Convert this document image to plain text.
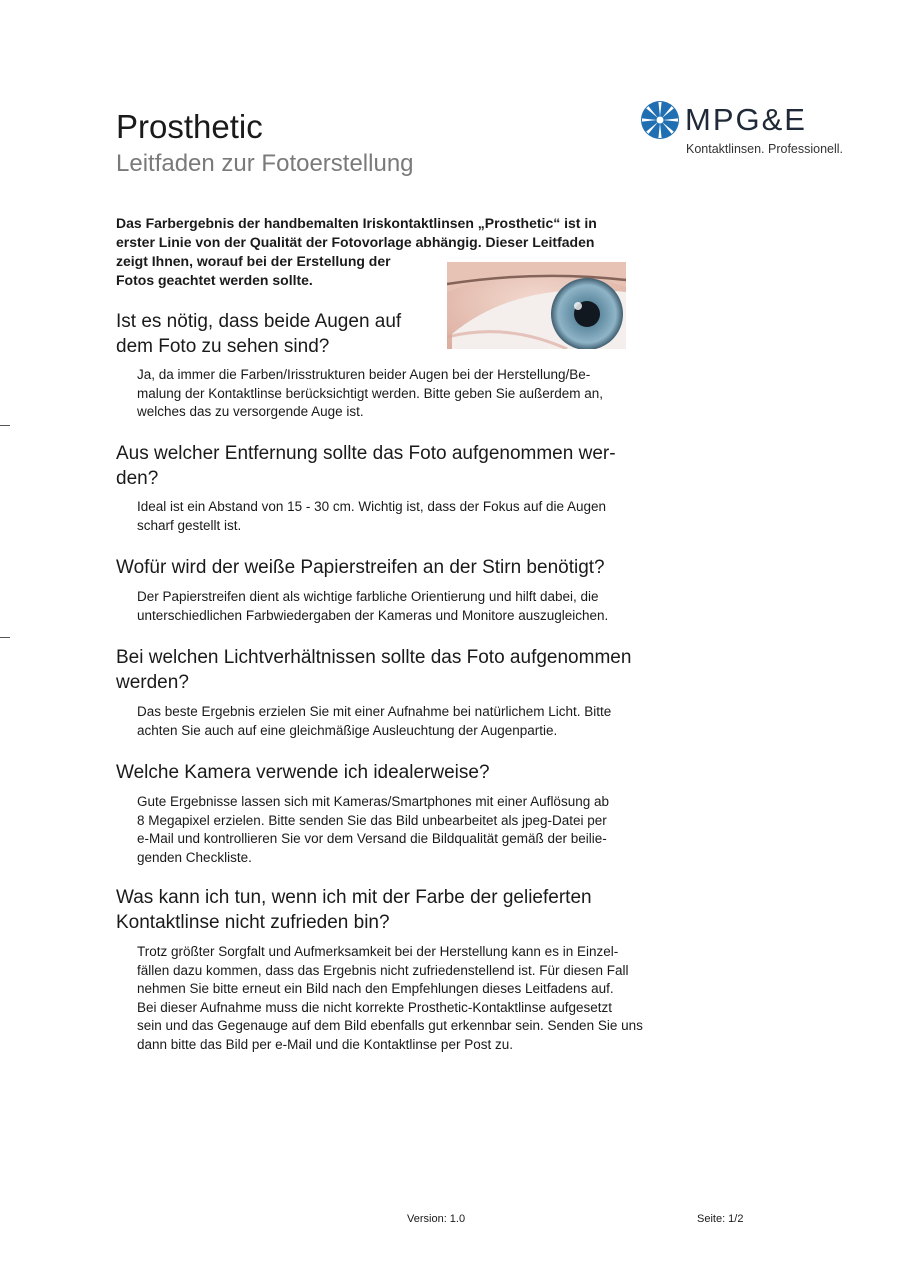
Prosthetic
Leitfaden zur Fotoerstellung
MPG&E
Kontaktlinsen. Professionell.
Das Farbergebnis der handbemalten Iriskontaktlinsen „Prosthetic“ ist in
erster Linie von der Qualität der Fotovorlage abhängig. Dieser Leitfaden
zeigt Ihnen, worauf bei der Erstellung der
Fotos geachtet werden sollte.
Ist es nötig, dass beide Augen auf
dem Foto zu sehen sind?
Ja, da immer die Farben/Irisstrukturen beider Augen bei der Herstellung/Be-
malung der Kontaktlinse berücksichtigt werden. Bitte geben Sie außerdem an,
welches das zu versorgende Auge ist.
Aus welcher Entfernung sollte das Foto aufgenommen wer-
den?
Ideal ist ein Abstand von 15 - 30 cm. Wichtig ist, dass der Fokus auf die Augen
scharf gestellt ist.
Wofür wird der weiße Papierstreifen an der Stirn benötigt?
Der Papierstreifen dient als wichtige farbliche Orientierung und hilft dabei, die
unterschiedlichen Farbwiedergaben der Kameras und Monitore auszugleichen.
Bei welchen Lichtverhältnissen sollte das Foto aufgenommen
werden?
Das beste Ergebnis erzielen Sie mit einer Aufnahme bei natürlichem Licht. Bitte
achten Sie auch auf eine gleichmäßige Ausleuchtung der Augenpartie.
Welche Kamera verwende ich idealerweise?
Gute Ergebnisse lassen sich mit Kameras/Smartphones mit einer Auflösung ab
8 Megapixel erzielen. Bitte senden Sie das Bild unbearbeitet als jpeg-Datei per
e-Mail und kontrollieren Sie vor dem Versand die Bildqualität gemäß der beilie-
genden Checkliste.
Was kann ich tun, wenn ich mit der Farbe der gelieferten
Kontaktlinse nicht zufrieden bin?
Trotz größter Sorgfalt und Aufmerksamkeit bei der Herstellung kann es in Einzel-
fällen dazu kommen, dass das Ergebnis nicht zufriedenstellend ist. Für diesen Fall
nehmen Sie bitte erneut ein Bild nach den Empfehlungen dieses Leitfadens auf.
Bei dieser Aufnahme muss die nicht korrekte Prosthetic-Kontaktlinse aufgesetzt
sein und das Gegenauge auf dem Bild ebenfalls gut erkennbar sein. Senden Sie uns
dann bitte das Bild per e-Mail und die Kontaktlinse per Post zu.
Version: 1.0	Seite: 1/2
